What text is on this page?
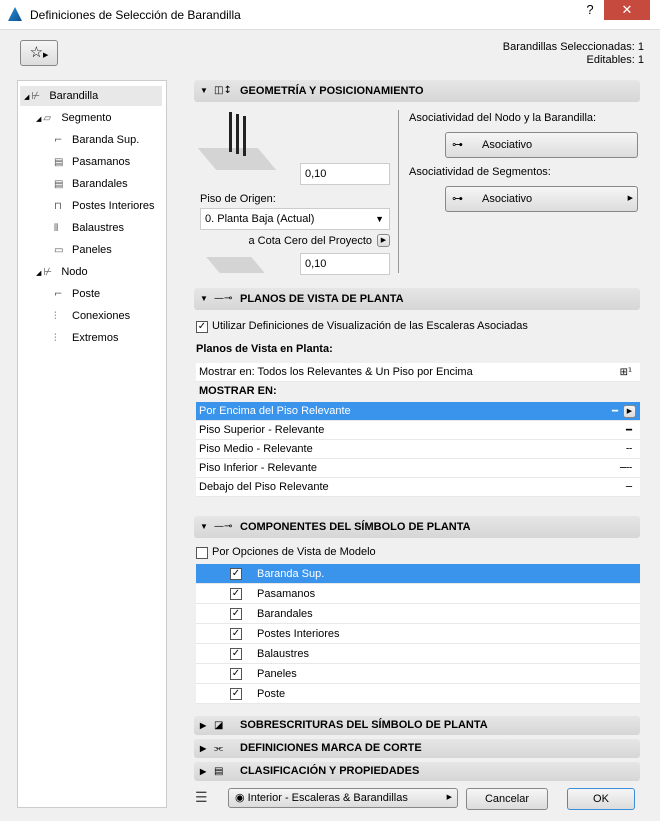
Definiciones de Selección de Barandilla	?	✕
☆▶
Barandillas Seleccionadas: 1
Editables: 1
◢ ⊬ Barandilla
◢ ▱ Segmento
⌐ Baranda Sup.
▤ Pasamanos
▤ Barandales
⊓ Postes Interiores
⫴ Balaustres
▭ Paneles
◢ ⊬ Nodo
⌐ Poste
⫶ Conexiones
⫶ Extremos
▼ ◫↕ GEOMETRÍA Y POSICIONAMIENTO
0,10
Piso de Origen:
0. Planta Baja (Actual)	▼
a Cota Cero del Proyecto	▶
0,10
Asociatividad del Nodo y la Barandilla:
⊶ Asociativo
Asociatividad de Segmentos:
⊶ Asociativo	▶
▼ —⊸ PLANOS DE VISTA DE PLANTA
✓ Utilizar Definiciones de Visualización de las Escaleras Asociadas
Planos de Vista en Planta:
Mostrar en: Todos los Relevantes & Un Piso por Encima	⊞¹
MOSTRAR EN:
Por Encima del Piso Relevante	━	▶
Piso Superior - Relevante	━
Piso Medio - Relevante	╌
Piso Inferior - Relevante	─╌
Debajo del Piso Relevante	─
▼ —⊸ COMPONENTES DEL SÍMBOLO DE PLANTA
Por Opciones de Vista de Modelo
✓ Baranda Sup.
✓ Pasamanos
✓ Barandales
✓ Postes Interiores
✓ Balaustres
✓ Paneles
✓ Poste
▶ ◪ SOBRESCRITURAS DEL SÍMBOLO DE PLANTA
▶ ⫘ DEFINICIONES MARCA DE CORTE
▶ ▤ CLASIFICACIÓN Y PROPIEDADES
☰	◉ Interior - Escaleras & Barandillas	▶	Cancelar	OK
